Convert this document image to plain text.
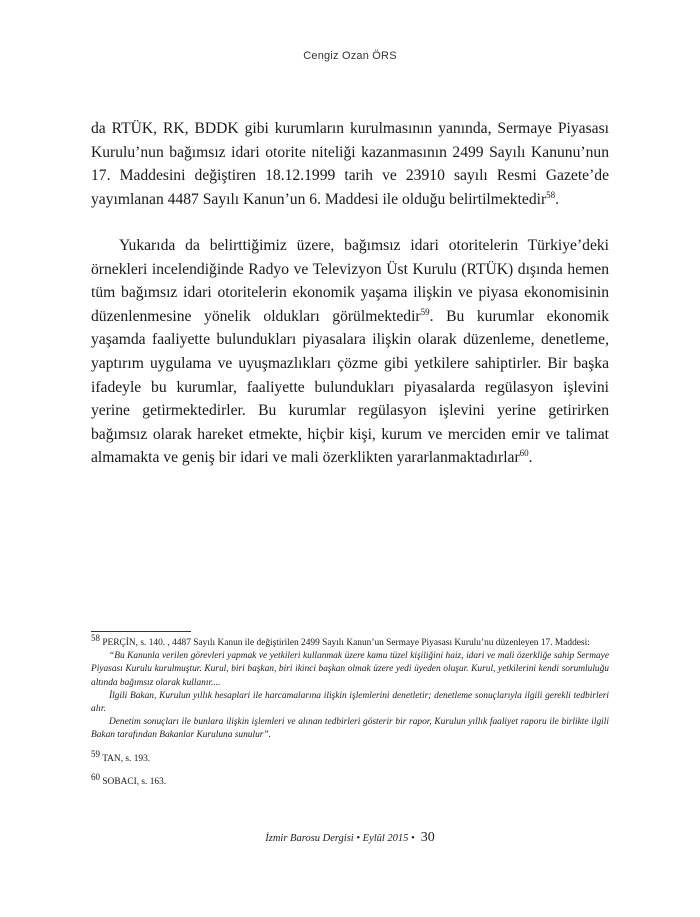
Cengiz Ozan ÖRS

da RTÜK, RK, BDDK gibi kurumların kurulmasının yanında, Sermaye Piyasası Kurulu’nun bağımsız idari otorite niteliği kazanmasının 2499 Sayılı Kanunu’nun 17. Maddesini değiştiren 18.12.1999 tarih ve 23910 sayılı Resmi Gazete’de yayımlanan 4487 Sayılı Kanun’un 6. Maddesi ile olduğu belirtilmektedir$^{58}$.

Yukarıda da belirttiğimiz üzere, bağımsız idari otoritelerin Türkiye’deki örnekleri incelendiğinde Radyo ve Televizyon Üst Kurulu (RTÜK) dışında hemen tüm bağımsız idari otoritelerin ekonomik yaşama ilişkin ve piyasa ekonomisinin düzenlenmesine yönelik oldukları görülmektedir$^{59}$. Bu kurumlar ekonomik yaşamda faaliyette bulundukları piyasalara ilişkin olarak düzenleme, denetleme, yaptırım uygulama ve uyuşmazlıkları çözme gibi yetkilere sahiptirler. Bir başka ifadeyle bu kurumlar, faaliyette bulundukları piyasalarda regülasyon işlevini yerine getirmektedirler. Bu kurumlar regülasyon işlevini yerine getirirken bağımsız olarak hareket etmekte, hiçbir kişi, kurum ve merciden emir ve talimat almamakta ve geniş bir idari ve mali özerklikten yararlanmaktadırlar$^{60}$.

$^{58}$ PERÇİN, s. 140. , 4487 Sayılı Kanun ile değiştirilen 2499 Sayılı Kanun’un Sermaye Piyasası Kurulu’nu düzenleyen 17. Maddesi:

“Bu Kanunla verilen görevleri yapmak ve yetkileri kullanmak üzere kamu tüzel kişiliğini haiz, idari ve mali özerkliğe sahip Sermaye Piyasası Kurulu kurulmuştur. Kurul, biri başkan, biri ikinci başkan olmak üzere yedi üyeden oluşur. Kurul, yetkilerini kendi sorumluluğu altında bağımsız olarak kullanır....

İlgili Bakan, Kurulun yıllık hesaplari ile harcamalarına ilişkin işlemlerini denetletir; denetleme sonuçlarıyla ilgili gerekli tedbirleri alır.

Denetim sonuçları ile bunlara ilişkin işlemleri ve alınan tedbirleri gösterir bir rapor, Kurulun yıllık faaliyet raporu ile birlikte ilgili Bakan tarafından Bakanlar Kuruluna sunulur”.

$^{59}$ TAN, s. 193.

$^{60}$ SOBACI, s. 163.

İzmir Barosu Dergisi • Eylül 2015 • 30
